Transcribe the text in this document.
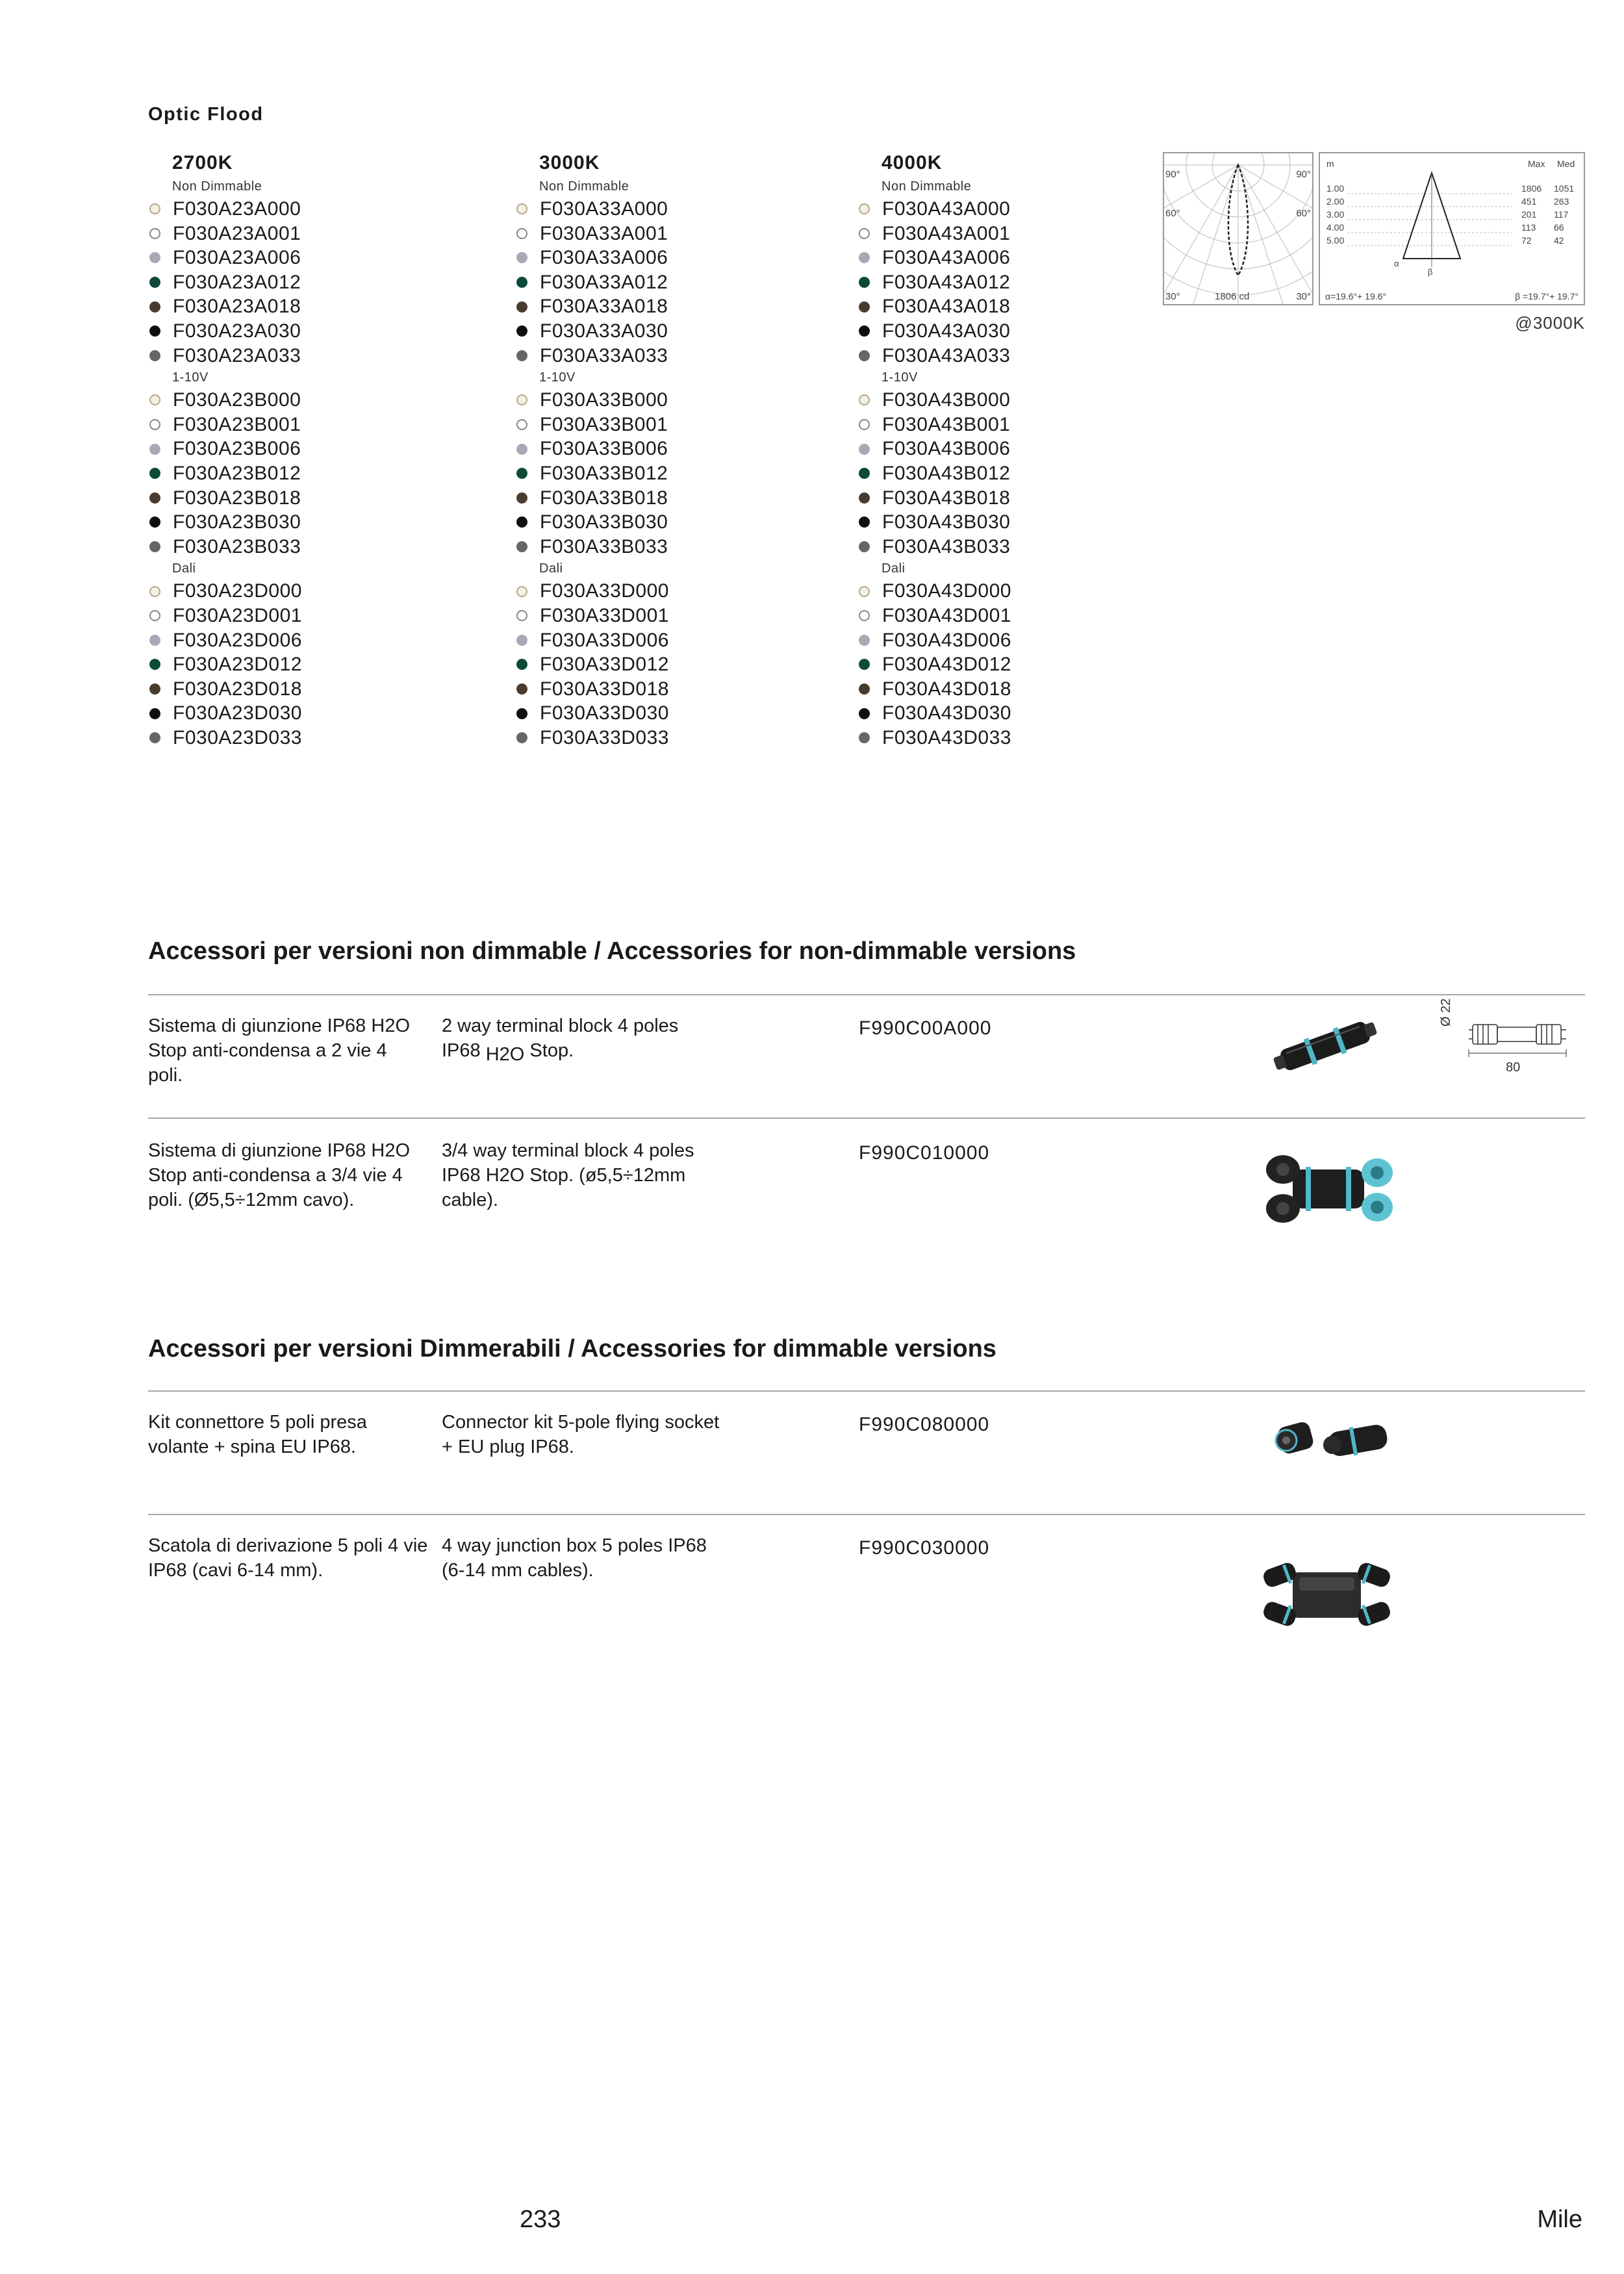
Optic Flood
2700K
Non Dimmable
F030A23A000
F030A23A001
F030A23A006
F030A23A012
F030A23A018
F030A23A030
F030A23A033
1-10V
F030A23B000
F030A23B001
F030A23B006
F030A23B012
F030A23B018
F030A23B030
F030A23B033
Dali
F030A23D000
F030A23D001
F030A23D006
F030A23D012
F030A23D018
F030A23D030
F030A23D033
3000K
Non Dimmable
F030A33A000
F030A33A001
F030A33A006
F030A33A012
F030A33A018
F030A33A030
F030A33A033
1-10V
F030A33B000
F030A33B001
F030A33B006
F030A33B012
F030A33B018
F030A33B030
F030A33B033
Dali
F030A33D000
F030A33D001
F030A33D006
F030A33D012
F030A33D018
F030A33D030
F030A33D033
4000K
Non Dimmable
F030A43A000
F030A43A001
F030A43A006
F030A43A012
F030A43A018
F030A43A030
F030A43A033
1-10V
F030A43B000
F030A43B001
F030A43B006
F030A43B012
F030A43B018
F030A43B030
F030A43B033
Dali
F030A43D000
F030A43D001
F030A43D006
F030A43D012
F030A43D018
F030A43D030
F030A43D033
90°	90°
60°	60°
30°	30°
1806 cd
m	Max Med
1.00	1806 1051
2.00	451 263
3.00	201 117
4.00	113 66
5.00	72 42
α
β
α=19.6°+ 19.6°	β =19.7°+ 19.7°
@3000K
Accessori per versioni non dimmable / Accessories for non-dimmable versions
Sistema di giunzione IP68 H2O Stop anti-condensa a 2 vie 4 poli.
2 way terminal block 4 poles IP68 H2O Stop.
F990C00A000
Ø 22
80
Sistema di giunzione IP68 H2O Stop anti-condensa a 3/4 vie 4 poli. (Ø5,5÷12mm cavo).
3/4 way terminal block 4 poles IP68 H2O Stop. (ø5,5÷12mm cable).
F990C010000
Accessori per versioni Dimmerabili / Accessories for dimmable versions
Kit connettore 5 poli presa volante + spina EU IP68.
Connector kit 5-pole flying socket + EU plug IP68.
F990C080000
Scatola di derivazione 5 poli 4 vie IP68 (cavi 6-14 mm).
4 way junction box 5 poles IP68 (6-14 mm cables).
F990C030000
233	Mile
